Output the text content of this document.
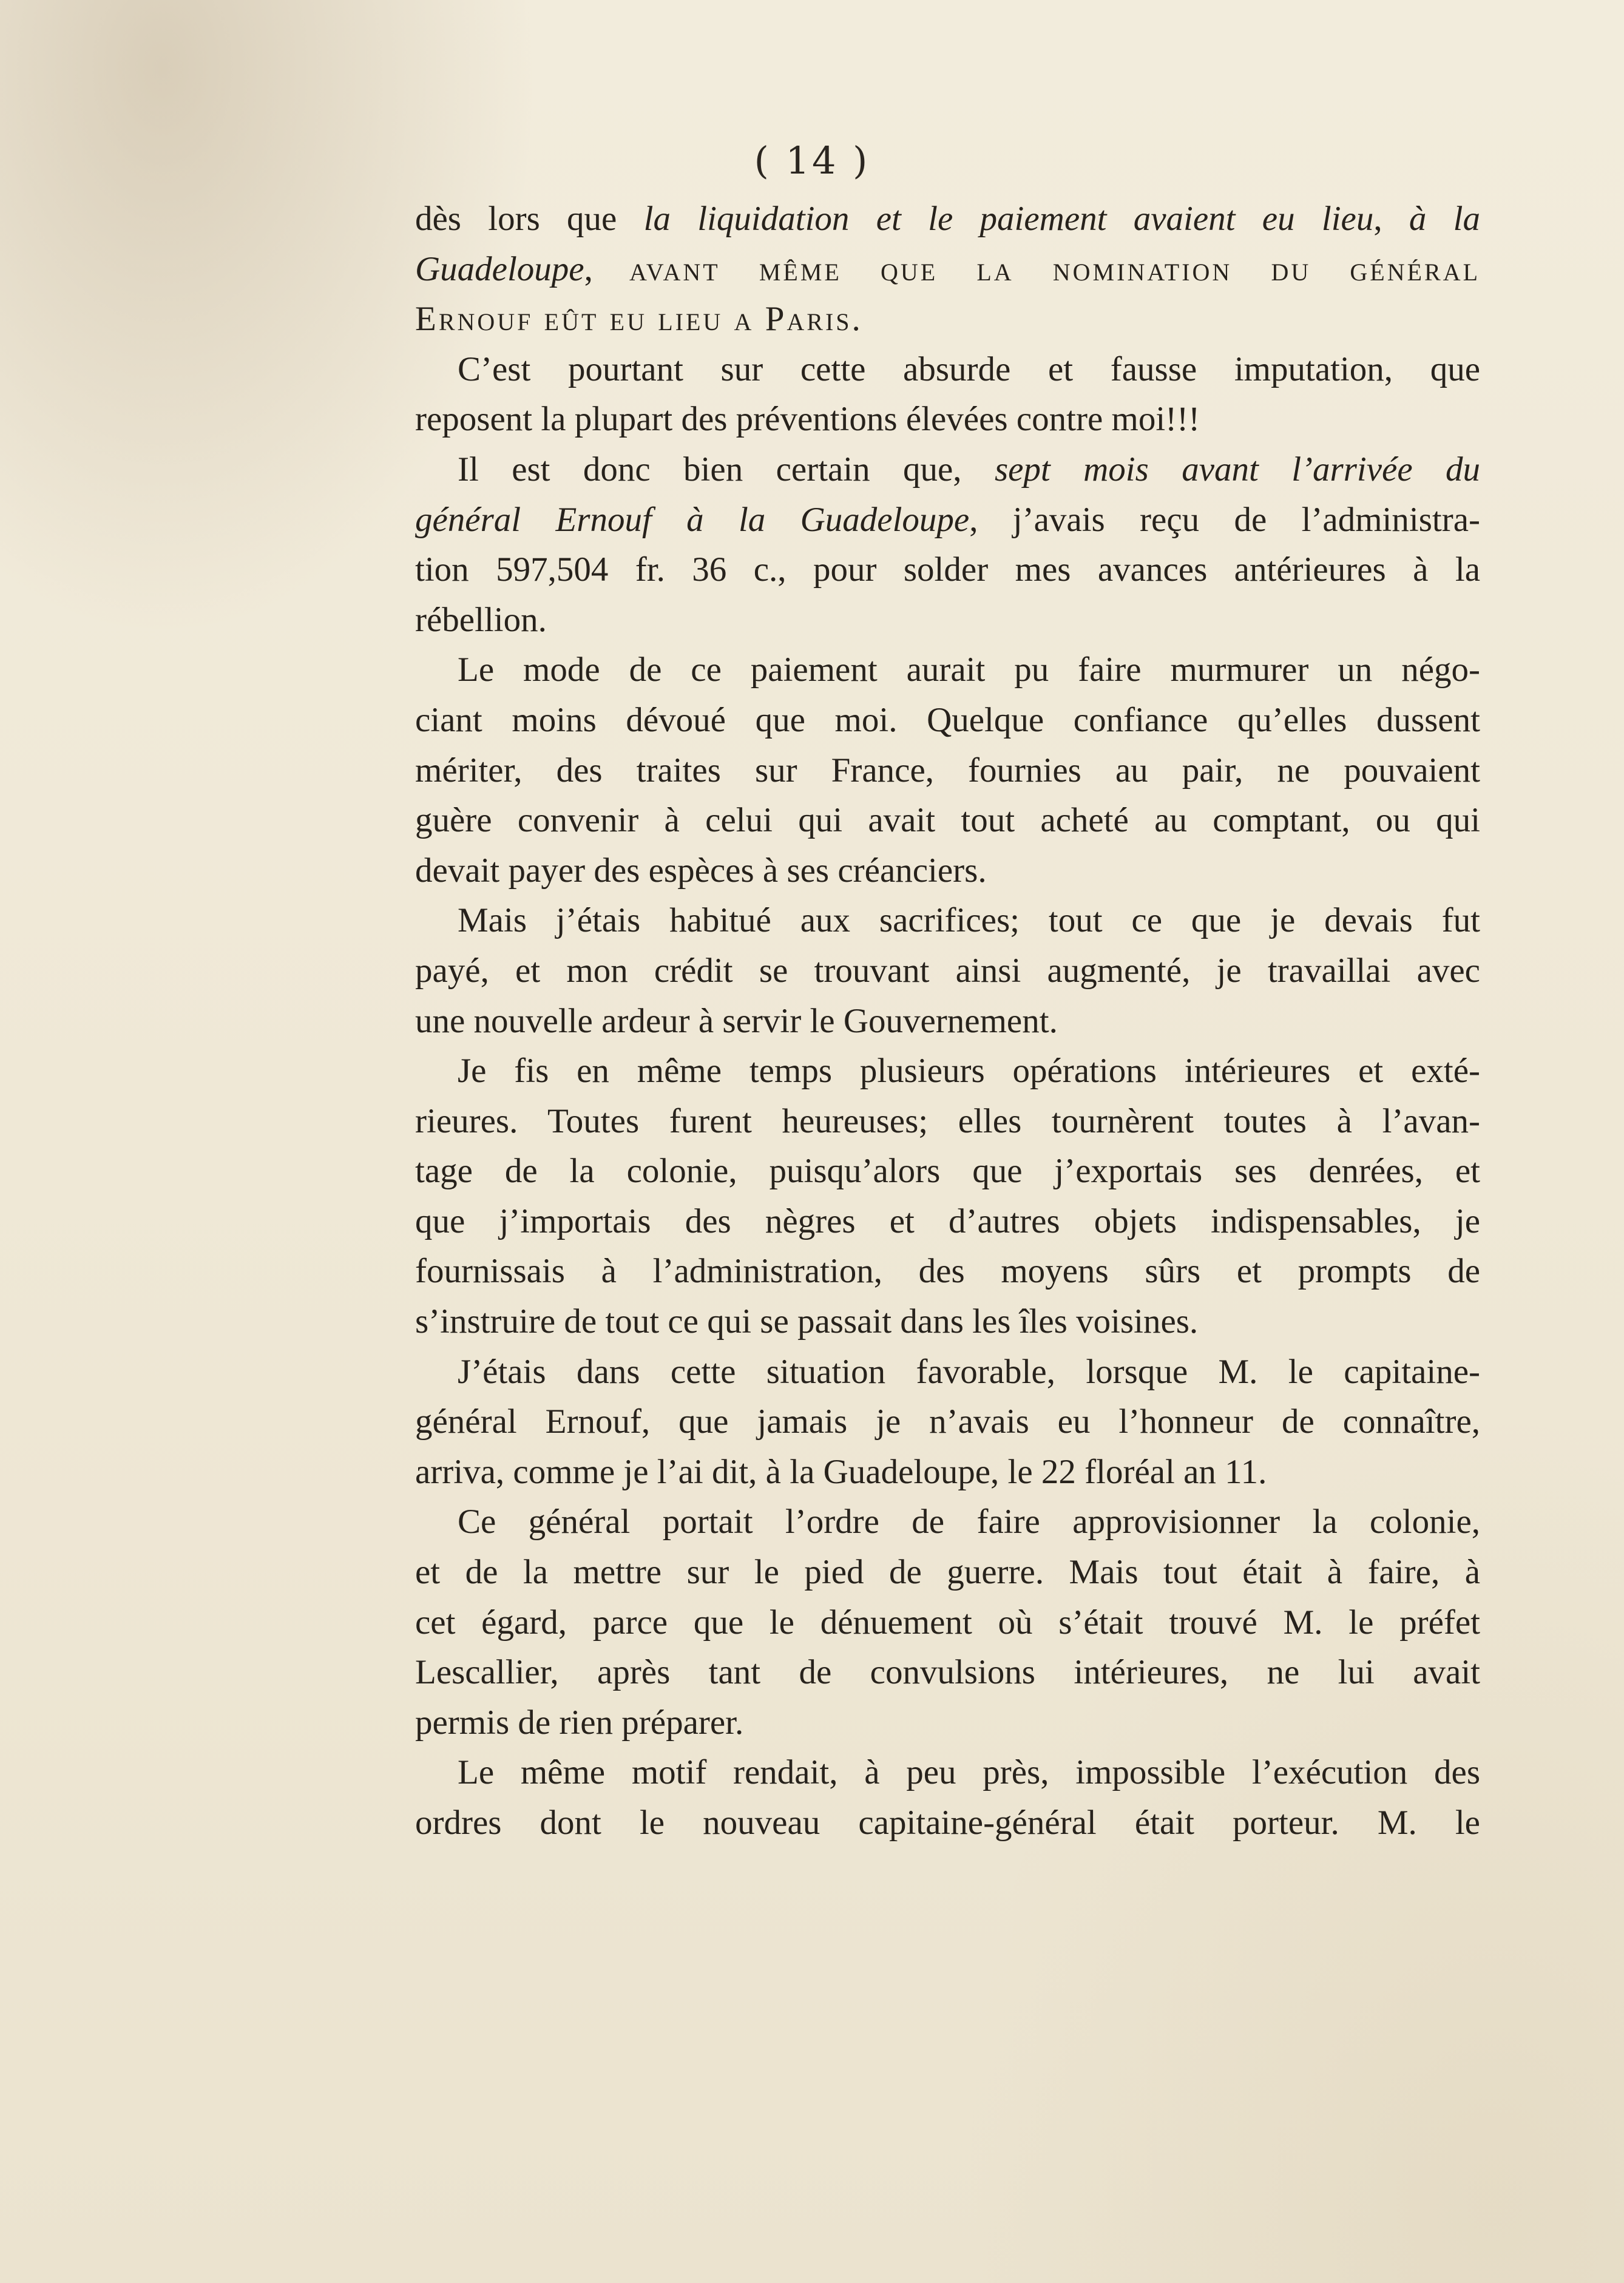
( 14 )

dès lors que la liquidation et le paiement avaient eu lieu, à la

Guadeloupe, avant même que la nomination du général

Ernouf eût eu lieu a Paris.

C’est pourtant sur cette absurde et fausse imputation, que

reposent la plupart des préventions élevées contre moi!!!

Il est donc bien certain que, sept mois avant l’arrivée du

général Ernouf à la Guadeloupe, j’avais reçu de l’administra-

tion 597,504 fr. 36 c., pour solder mes avances antérieures à la

rébellion.

Le mode de ce paiement aurait pu faire murmurer un négo-

ciant moins dévoué que moi. Quelque confiance qu’elles dussent

mériter, des traites sur France, fournies au pair, ne pouvaient

guère convenir à celui qui avait tout acheté au comptant, ou qui

devait payer des espèces à ses créanciers.

Mais j’étais habitué aux sacrifices; tout ce que je devais fut

payé, et mon crédit se trouvant ainsi augmenté, je travaillai avec

une nouvelle ardeur à servir le Gouvernement.

Je fis en même temps plusieurs opérations intérieures et exté-

rieures. Toutes furent heureuses; elles tournèrent toutes à l’avan-

tage de la colonie, puisqu’alors que j’exportais ses denrées, et

que j’importais des nègres et d’autres objets indispensables, je

fournissais à l’administration, des moyens sûrs et prompts de

s’instruire de tout ce qui se passait dans les îles voisines.

J’étais dans cette situation favorable, lorsque M. le capitaine-

général Ernouf, que jamais je n’avais eu l’honneur de connaître,

arriva, comme je l’ai dit, à la Guadeloupe, le 22 floréal an 11.

Ce général portait l’ordre de faire approvisionner la colonie,

et de la mettre sur le pied de guerre. Mais tout était à faire, à

cet égard, parce que le dénuement où s’était trouvé M. le préfet

Lescallier, après tant de convulsions intérieures, ne lui avait

permis de rien préparer.

Le même motif rendait, à peu près, impossible l’exécution des

ordres dont le nouveau capitaine-général était porteur. M. le
